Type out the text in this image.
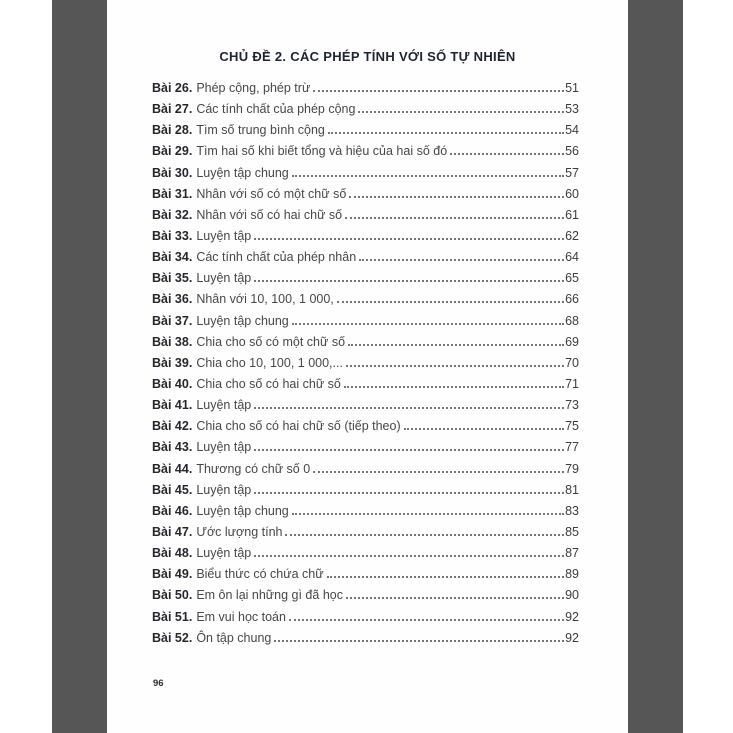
CHỦ ĐỀ 2. CÁC PHÉP TÍNH VỚI SỐ TỰ NHIÊN
Bài 26. Phép cộng, phép trừ	51
Bài 27. Các tính chất của phép cộng	53
Bài 28. Tìm số trung bình cộng	54
Bài 29. Tìm hai số khi biết tổng và hiệu của hai số đó	56
Bài 30. Luyện tập chung	57
Bài 31. Nhân với số có một chữ số	60
Bài 32. Nhân với số có hai chữ số	61
Bài 33. Luyện tập	62
Bài 34. Các tính chất của phép nhân	64
Bài 35. Luyện tập	65
Bài 36. Nhân với 10, 100, 1 000,	66
Bài 37. Luyện tập chung	68
Bài 38. Chia cho số có một chữ số	69
Bài 39. Chia cho 10, 100, 1 000,...	70
Bài 40. Chia cho số có hai chữ số	71
Bài 41. Luyện tập	73
Bài 42. Chia cho số có hai chữ số (tiếp theo)	75
Bài 43. Luyện tập	77
Bài 44. Thương có chữ số 0	79
Bài 45. Luyện tập	81
Bài 46. Luyện tập chung	83
Bài 47. Ước lượng tính	85
Bài 48. Luyện tập	87
Bài 49. Biểu thức có chứa chữ	89
Bài 50. Em ôn lại những gì đã học	90
Bài 51. Em vui học toán	92
Bài 52. Ôn tập chung	92
96
